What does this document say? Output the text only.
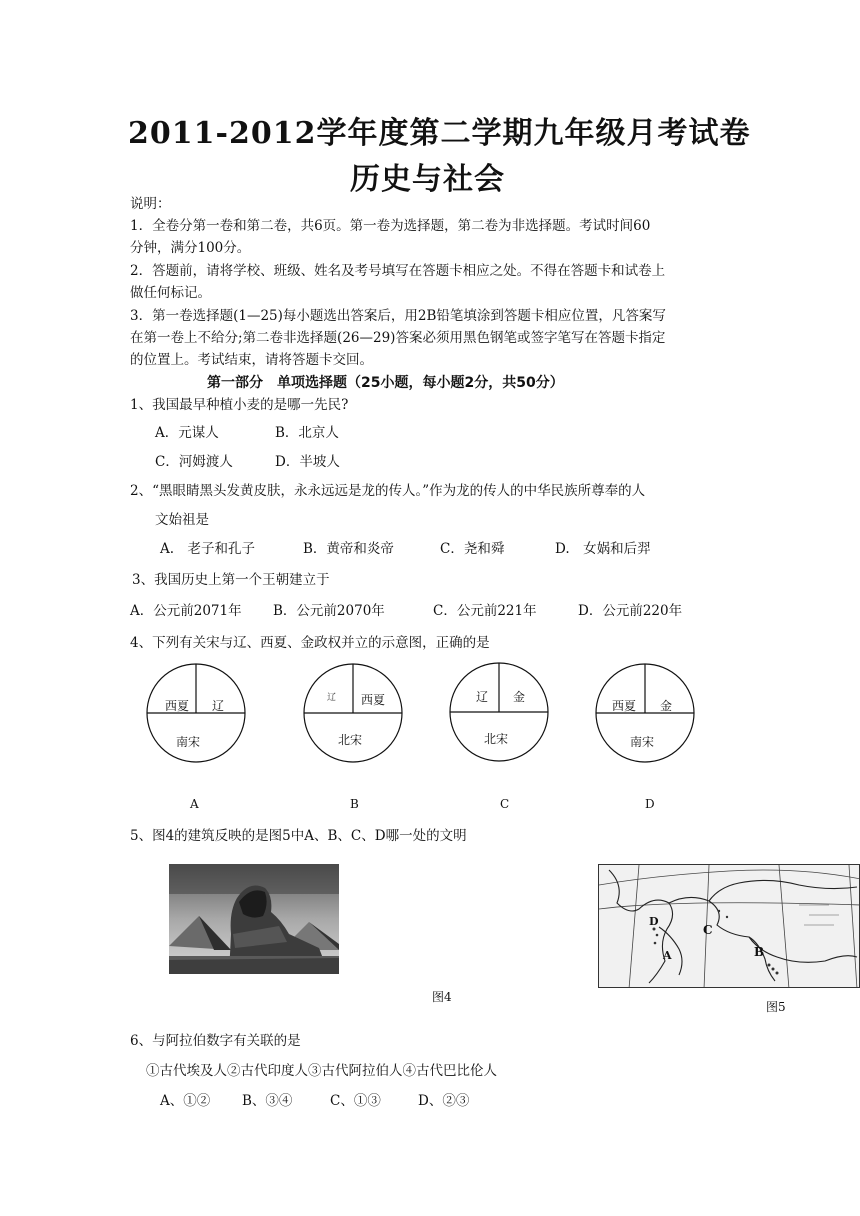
2011-2012学年度第二学期九年级月考试卷
历史与社会
说明：
1．全卷分第一卷和第二卷，共6页。第一卷为选择题，第二卷为非选择题。考试时间60
分钟，满分100分。
2．答题前，请将学校、班级、姓名及考号填写在答题卡相应之处。不得在答题卡和试卷上
做任何标记。
3．第一卷选择题(1—25)每小题选出答案后，用2B铅笔填涂到答题卡相应位置，凡答案写
在第一卷上不给分;第二卷非选择题(26—29)答案必须用黑色钢笔或签字笔写在答题卡指定
的位置上。考试结束，请将答题卡交回。
第一部分　单项选择题（25小题，每小题2分，共50分）
1、我国最早种植小麦的是哪一先民?
A．元谋人	B．北京人
C．河姆渡人	D．半坡人
2、“黑眼睛黑头发黄皮肤，永永远远是龙的传人。”作为龙的传人的中华民族所尊奉的人
文始祖是
A.　老子和孔子	B．黄帝和炎帝	C．尧和舜	D.　女娲和后羿
3、我国历史上第一个王朝建立于
A．公元前2071年 B．公元前2070年	C．公元前221年	D．公元前220年
4、下列有关宋与辽、西夏、金政权并立的示意图，正确的是
西夏 辽
南宋
A
辽 西夏
北宋
B
辽 金
北宋
C
西夏 金
南宋
D
5、图4的建筑反映的是图5中A、B、C、D哪一处的文明
图4
D
C
B
A
图5
6、与阿拉伯数字有关联的是
①古代埃及人②古代印度人③古代阿拉伯人④古代巴比伦人
A、①② B、③④	C、①③	D、②③
